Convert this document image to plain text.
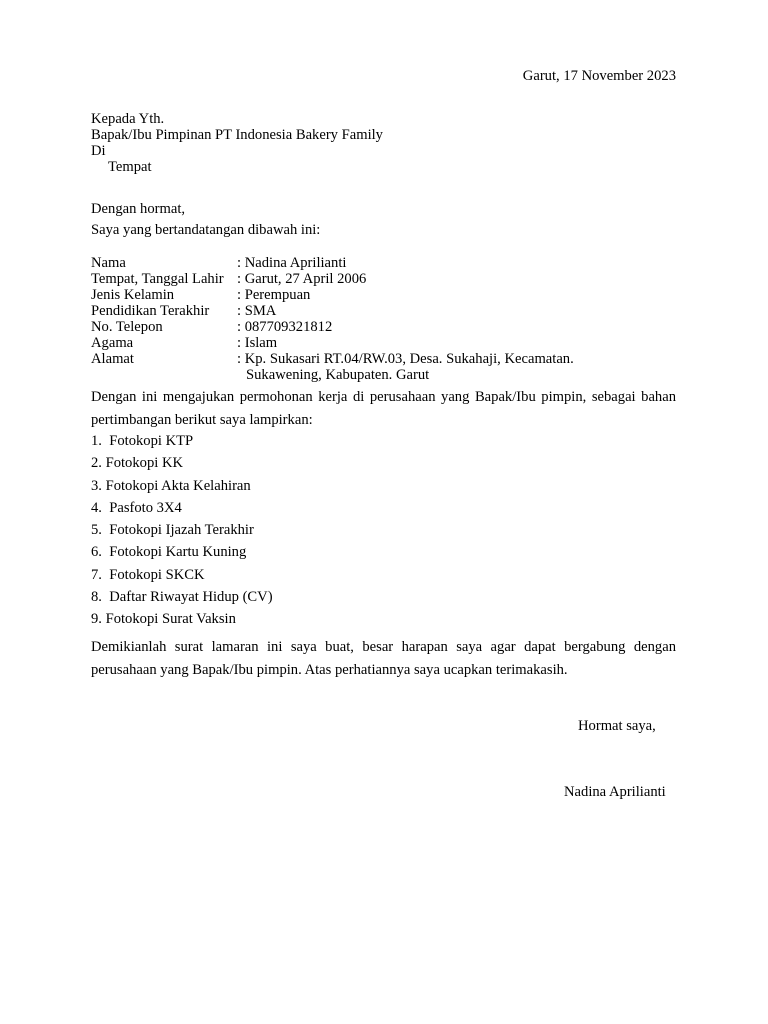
Garut, 17 November 2023
Kepada Yth.
Bapak/Ibu Pimpinan PT Indonesia Bakery Family
Di
Tempat
Dengan hormat,
Saya yang bertandatangan dibawah ini:
Nama	: Nadina Aprilianti
Tempat, Tanggal Lahir : Garut, 27 April 2006
Jenis Kelamin	: Perempuan
Pendidikan Terakhir : SMA
No. Telepon	: 087709321812
Agama	: Islam
Alamat	: Kp. Sukasari RT.04/RW.03, Desa. Sukahaji, Kecamatan.
Sukawening, Kabupaten. Garut
Dengan ini mengajukan permohonan kerja di perusahaan yang Bapak/Ibu pimpin, sebagai bahan pertimbangan berikut saya lampirkan:
1.  Fotokopi KTP
2. Fotokopi KK
3. Fotokopi Akta Kelahiran
4.  Pasfoto 3X4
5.  Fotokopi Ijazah Terakhir
6.  Fotokopi Kartu Kuning
7.  Fotokopi SKCK
8.  Daftar Riwayat Hidup (CV)
9. Fotokopi Surat Vaksin
Demikianlah surat lamaran ini saya buat, besar harapan saya agar dapat bergabung dengan perusahaan yang Bapak/Ibu pimpin. Atas perhatiannya saya ucapkan terimakasih.
Hormat saya,
Nadina Aprilianti
